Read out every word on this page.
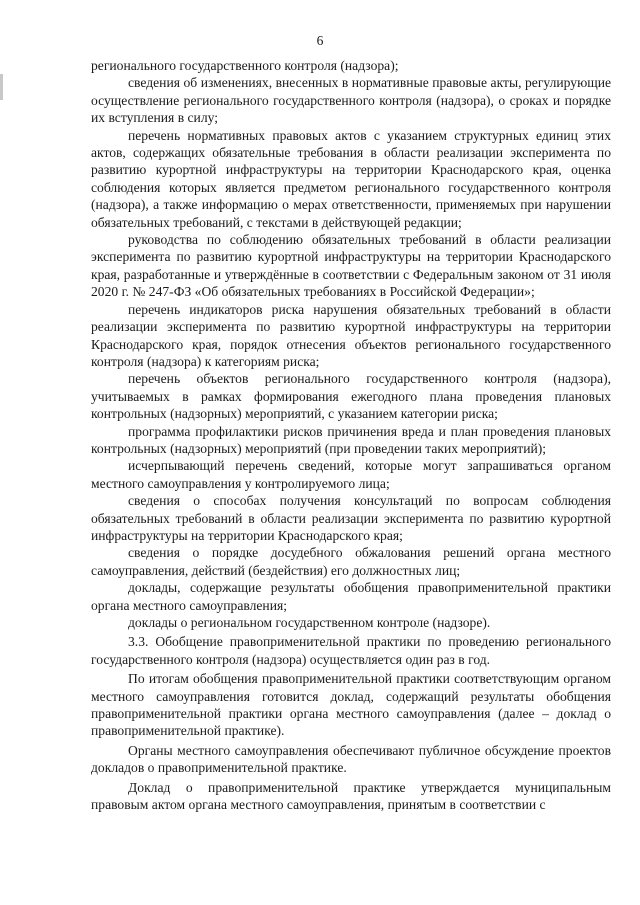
6

регионального государственного контроля (надзора);

сведения об изменениях, внесенных в нормативные правовые акты, регулирующие осуществление регионального государственного контроля (надзора), о сроках и порядке их вступления в силу;

перечень нормативных правовых актов с указанием структурных единиц этих актов, содержащих обязательные требования в области реализации эксперимента по развитию курортной инфраструктуры на территории Краснодарского края, оценка соблюдения которых является предметом регионального государственного контроля (надзора), а также информацию о мерах ответственности, применяемых при нарушении обязательных требований, с текстами в действующей редакции;

руководства по соблюдению обязательных требований в области реализации эксперимента по развитию курортной инфраструктуры на территории Краснодарского края, разработанные и утверждённые в соответствии с Федеральным законом от 31 июля 2020 г. № 247-ФЗ «Об обязательных требованиях в Российской Федерации»;

перечень индикаторов риска нарушения обязательных требований в области реализации эксперимента по развитию курортной инфраструктуры на территории Краснодарского края, порядок отнесения объектов регионального государственного контроля (надзора) к категориям риска;

перечень объектов регионального государственного контроля (надзора), учитываемых в рамках формирования ежегодного плана проведения плановых контрольных (надзорных) мероприятий, с указанием категории риска;

программа профилактики рисков причинения вреда и план проведения плановых контрольных (надзорных) мероприятий (при проведении таких мероприятий);

исчерпывающий перечень сведений, которые могут запрашиваться органом местного самоуправления у контролируемого лица;

сведения о способах получения консультаций по вопросам соблюдения обязательных требований в области реализации эксперимента по развитию курортной инфраструктуры на территории Краснодарского края;

сведения о порядке досудебного обжалования решений органа местного самоуправления, действий (бездействия) его должностных лиц;

доклады, содержащие результаты обобщения правоприменительной практики органа местного самоуправления;

доклады о региональном государственном контроле (надзоре).

3.3. Обобщение правоприменительной практики по проведению регионального государственного контроля (надзора) осуществляется один раз в год.

По итогам обобщения правоприменительной практики соответствующим органом местного самоуправления готовится доклад, содержащий результаты обобщения правоприменительной практики органа местного самоуправления (далее – доклад о правоприменительной практике).

Органы местного самоуправления обеспечивают публичное обсуждение проектов докладов о правоприменительной практике.

Доклад о правоприменительной практике утверждается муниципальным правовым актом органа местного самоуправления, принятым в соответствии с
